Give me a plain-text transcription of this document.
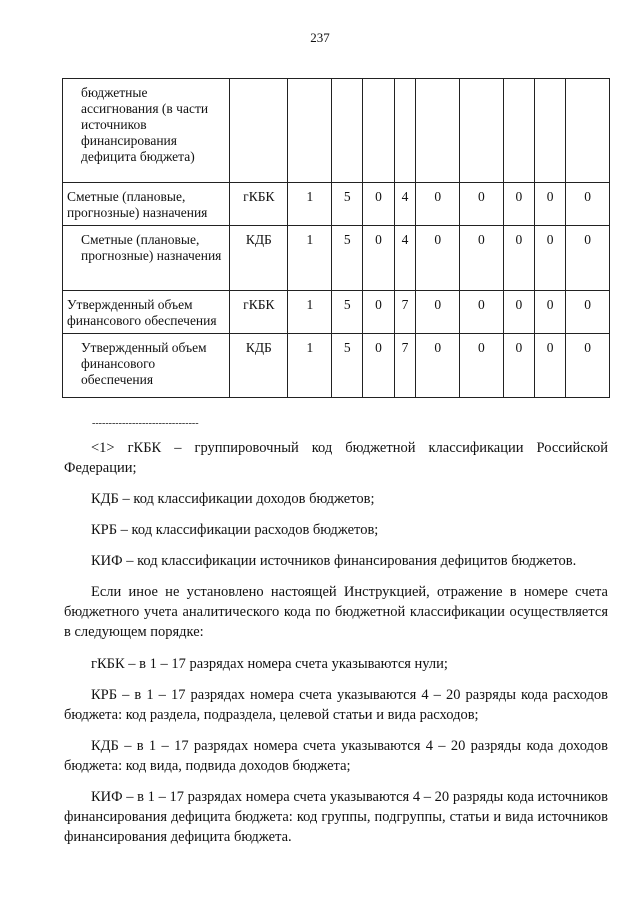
237
бюджетные ассигнования (в части источников финансирования дефицита бюджета)										
Сметные (плановые, прогнозные) назначения	гКБК	1	5	0	4	0	0	0	0	0
Сметные (плановые, прогнозные) назначения	КДБ	1	5	0	4	0	0	0	0	0
Утвержденный объем финансового обеспечения	гКБК	1	5	0	7	0	0	0	0	0
Утвержденный объем финансового обеспечения	КДБ	1	5	0	7	0	0	0	0	0
--------------------------------

<1> гКБК – группировочный код бюджетной классификации Российской Федерации;

КДБ – код классификации доходов бюджетов;

КРБ – код классификации расходов бюджетов;

КИФ – код классификации источников финансирования дефицитов бюджетов.

Если иное не установлено настоящей Инструкцией, отражение в номере счета бюджетного учета аналитического кода по бюджетной классификации осуществляется в следующем порядке:

гКБК – в 1 – 17 разрядах номера счета указываются нули;

КРБ – в 1 – 17 разрядах номера счета указываются 4 – 20 разряды кода расходов бюджета: код раздела, подраздела, целевой статьи и вида расходов;

КДБ – в 1 – 17 разрядах номера счета указываются 4 – 20 разряды кода доходов бюджета: код вида, подвида доходов бюджета;

КИФ – в 1 – 17 разрядах номера счета указываются 4 – 20 разряды кода источников финансирования дефицита бюджета: код группы, подгруппы, статьи и вида источников финансирования дефицита бюджета.
